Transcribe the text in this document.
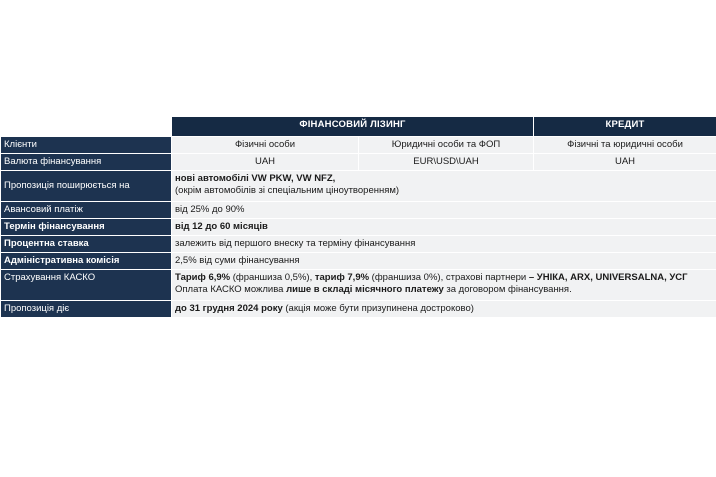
	ФІНАНСОВИЙ ЛІЗИНГ		КРЕДИТ
Клієнти	Фізичні особи	Юридичні особи та ФОП	Фізичні та юридичні особи
Валюта фінансування	UAH	EUR\USD\UAH	UAH
Пропозиція поширюється на	нові автомобілі VW PKW, VW NFZ,
(окрім автомобілів зі спеціальним ціноутворенням)		

Авансовий платіж	від 25% до 90%		
Термін фінансування	від 12 до 60 місяців		
Процентна ставка	залежить від першого внеску та терміну фінансування		
Адміністративна комісія	2,5% від суми фінансування		
Страхування КАСКО	Тариф 6,9% (франшиза 0,5%), тариф 7,9% (франшиза 0%), страхові партнери – УНІКА, ARX, UNIVERSALNA, УСГ
Оплата КАСКО можлива лише в складі місячного платежу за договором фінансування.		

Пропозиція діє	до 31 грудня 2024 року (акція може бути призупинена достроково)		
